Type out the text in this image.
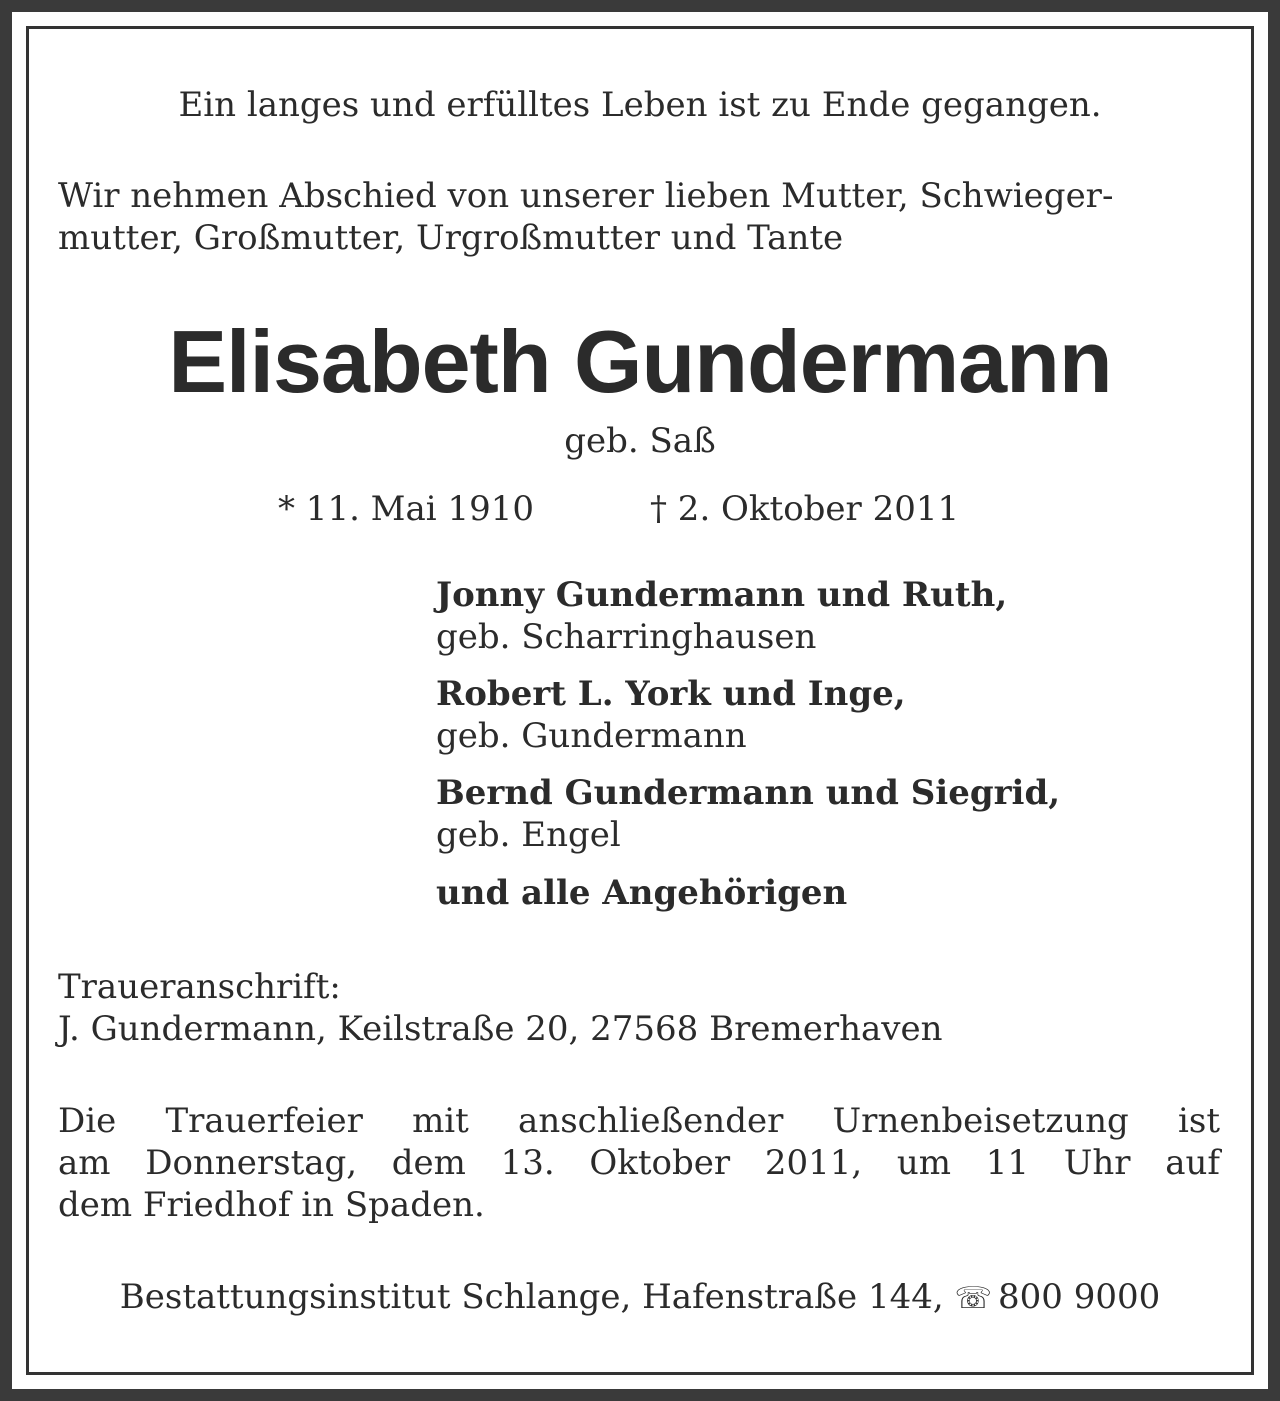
Ein langes und erfülltes Leben ist zu Ende gegangen.
Wir nehmen Abschied von unserer lieben Mutter, Schwieger-
mutter, Großmutter, Urgroßmutter und Tante
Elisabeth Gundermann
geb. Saß
* 11. Mai 1910	† 2. Oktober 2011
Jonny Gundermann und Ruth,
geb. Scharringhausen
Robert L. York und Inge,
geb. Gundermann
Bernd Gundermann und Siegrid,
geb. Engel
und alle Angehörigen
Traueranschrift:
J. Gundermann, Keilstraße 20, 27568 Bremerhaven
Die Trauerfeier mit anschließender Urnenbeisetzung ist
am Donnerstag, dem 13. Oktober 2011, um 11 Uhr auf
dem Friedhof in Spaden.
Bestattungsinstitut Schlange, Hafenstraße 144, ☏ 800 9000
